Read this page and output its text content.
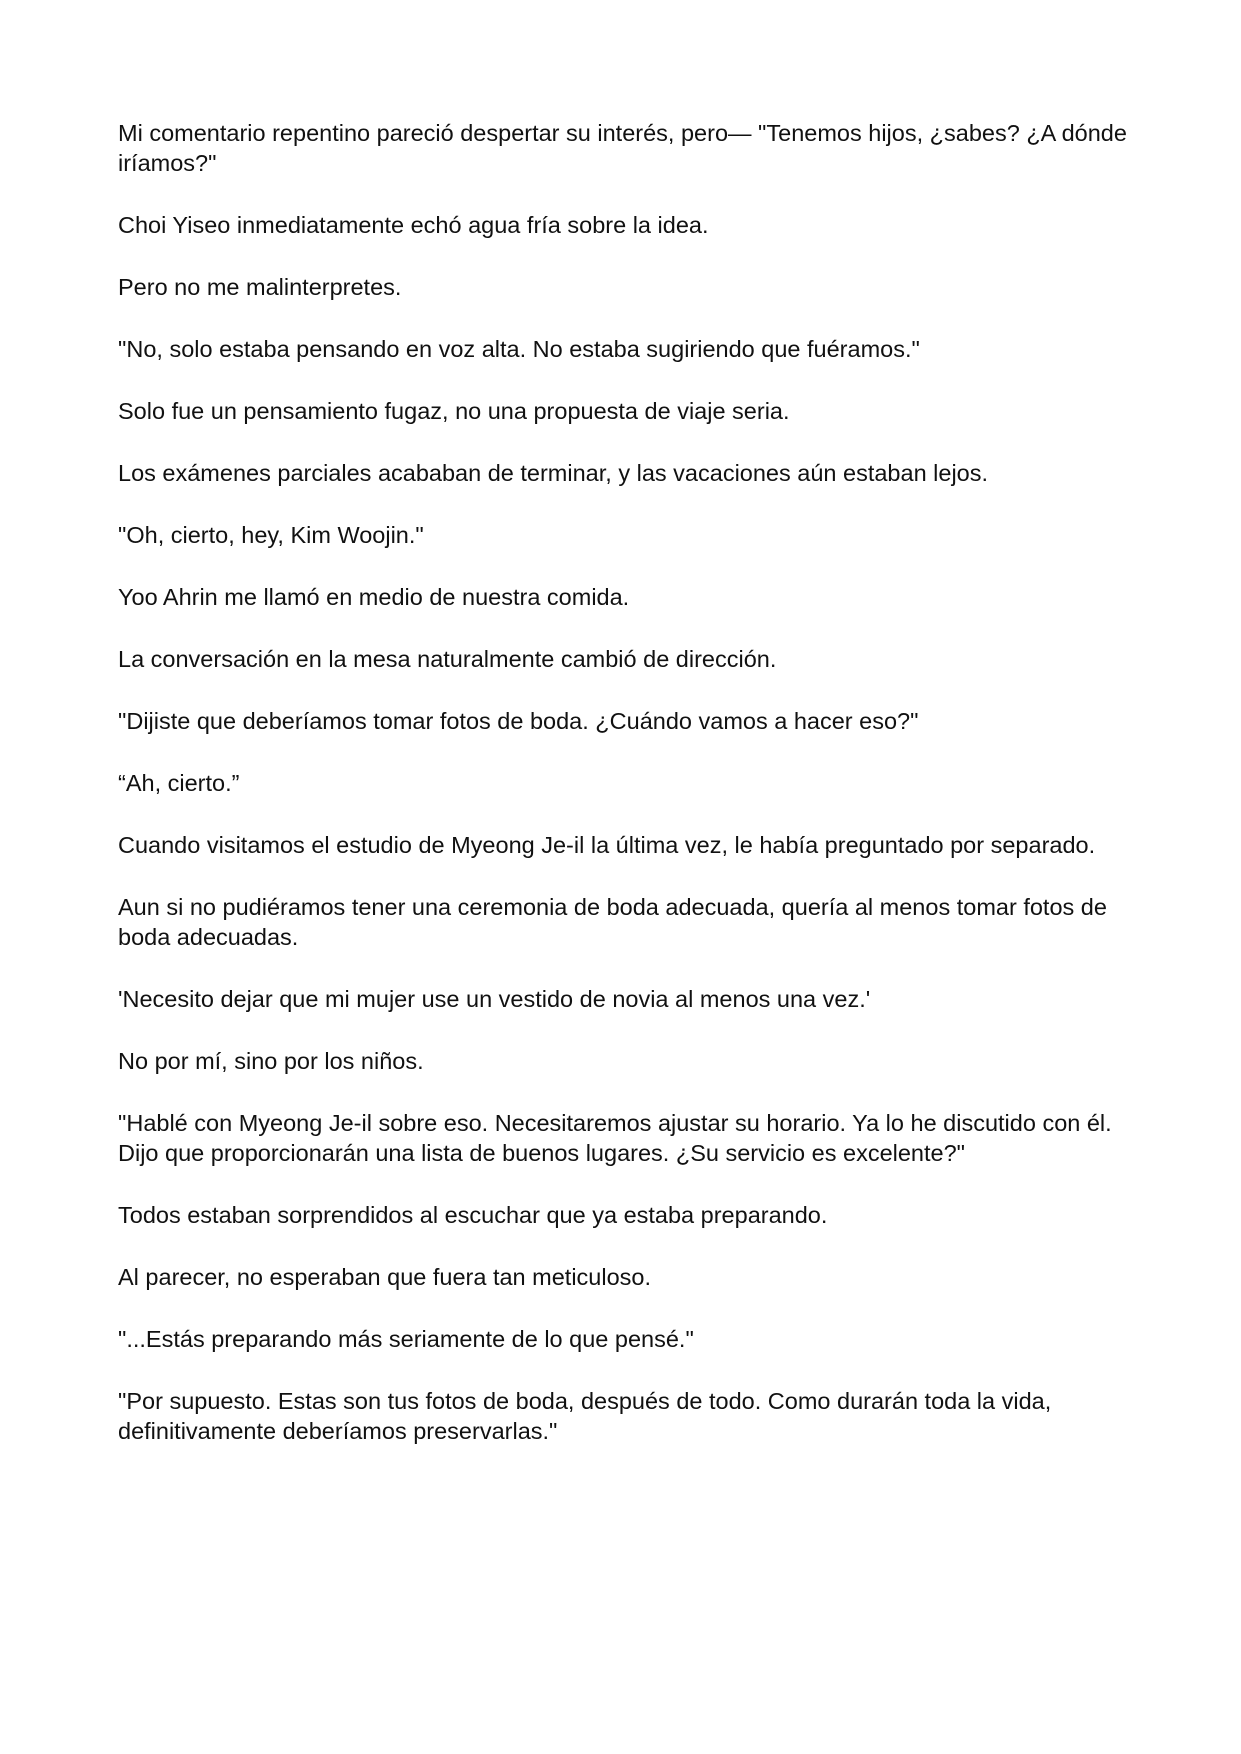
Mi comentario repentino pareció despertar su interés, pero— "Tenemos hijos, ¿sabes? ¿A dónde iríamos?"

Choi Yiseo inmediatamente echó agua fría sobre la idea.

Pero no me malinterpretes.

"No, solo estaba pensando en voz alta. No estaba sugiriendo que fuéramos."

Solo fue un pensamiento fugaz, no una propuesta de viaje seria.

Los exámenes parciales acababan de terminar, y las vacaciones aún estaban lejos.

"Oh, cierto, hey, Kim Woojin."

Yoo Ahrin me llamó en medio de nuestra comida.

La conversación en la mesa naturalmente cambió de dirección.

"Dijiste que deberíamos tomar fotos de boda. ¿Cuándo vamos a hacer eso?"

“Ah, cierto.”

Cuando visitamos el estudio de Myeong Je-il la última vez, le había preguntado por separado.

Aun si no pudiéramos tener una ceremonia de boda adecuada, quería al menos tomar fotos de boda adecuadas.

'Necesito dejar que mi mujer use un vestido de novia al menos una vez.'

No por mí, sino por los niños.

"Hablé con Myeong Je-il sobre eso. Necesitaremos ajustar su horario. Ya lo he discutido con él. Dijo que proporcionarán una lista de buenos lugares. ¿Su servicio es excelente?"

Todos estaban sorprendidos al escuchar que ya estaba preparando.

Al parecer, no esperaban que fuera tan meticuloso.

"...Estás preparando más seriamente de lo que pensé."

"Por supuesto. Estas son tus fotos de boda, después de todo. Como durarán toda la vida, definitivamente deberíamos preservarlas."
